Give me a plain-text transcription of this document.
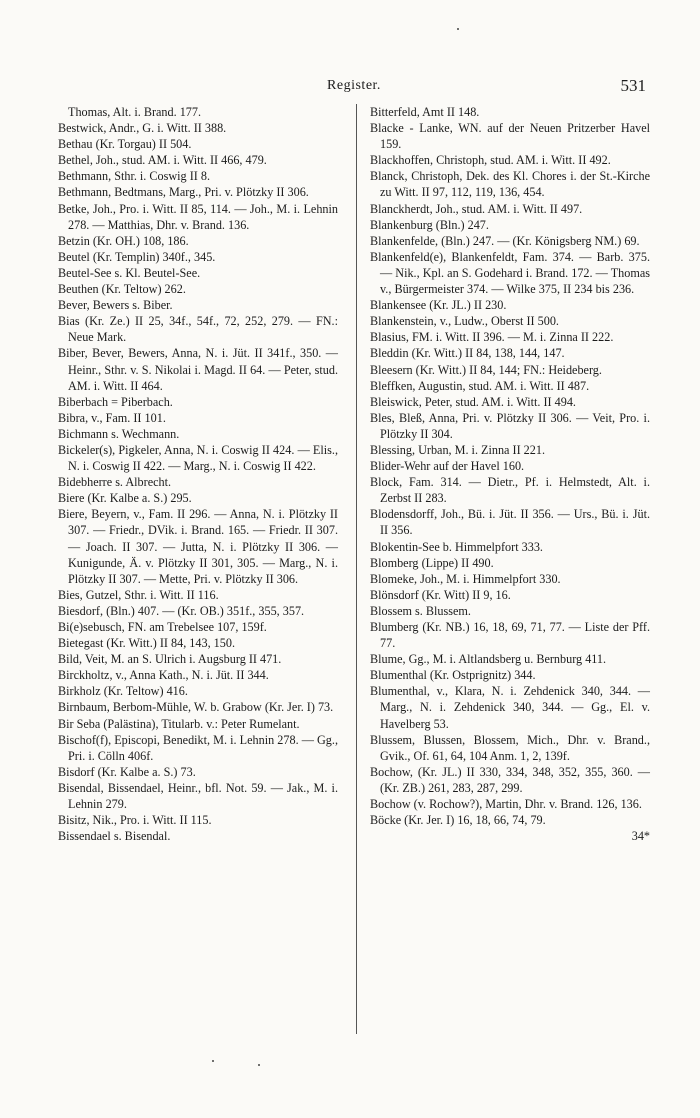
Register.	531

Thomas, Alt. i. Brand. 177.

Bestwick, Andr., G. i. Witt. II 388.

Bethau (Kr. Torgau) II 504.

Bethel, Joh., stud. AM. i. Witt. II 466, 479.

Bethmann, Sthr. i. Coswig II 8.

Bethmann, Bedtmans, Marg., Pri. v. Plötzky II 306.

Betke, Joh., Pro. i. Witt. II 85, 114. — Joh., M. i. Lehnin 278. — Matthias, Dhr. v. Brand. 136.

Betzin (Kr. OH.) 108, 186.

Beutel (Kr. Templin) 340f., 345.

Beutel-See s. Kl. Beutel-See.

Beuthen (Kr. Teltow) 262.

Bever, Bewers s. Biber.

Bias (Kr. Ze.) II 25, 34f., 54f., 72, 252, 279. — FN.: Neue Mark.

Biber, Bever, Bewers, Anna, N. i. Jüt. II 341f., 350. — Heinr., Sthr. v. S. Nikolai i. Magd. II 64. — Peter, stud. AM. i. Witt. II 464.

Biberbach = Piberbach.

Bibra, v., Fam. II 101.

Bichmann s. Wechmann.

Bickeler(s), Pigkeler, Anna, N. i. Coswig II 424. — Elis., N. i. Coswig II 422. — Marg., N. i. Coswig II 422.

Bidebherre s. Albrecht.

Biere (Kr. Kalbe a. S.) 295.

Biere, Beyern, v., Fam. II 296. — Anna, N. i. Plötzky II 307. — Friedr., DVik. i. Brand. 165. — Friedr. II 307. — Joach. II 307. — Jutta, N. i. Plötzky II 306. — Kunigunde, Ä. v. Plötzky II 301, 305. — Marg., N. i. Plötzky II 307. — Mette, Pri. v. Plötzky II 306.

Bies, Gutzel, Sthr. i. Witt. II 116.

Biesdorf, (Bln.) 407. — (Kr. OB.) 351f., 355, 357.

Bi(e)sebusch, FN. am Trebelsee 107, 159f.

Bietegast (Kr. Witt.) II 84, 143, 150.

Bild, Veit, M. an S. Ulrich i. Augsburg II 471.

Birckholtz, v., Anna Kath., N. i. Jüt. II 344.

Birkholz (Kr. Teltow) 416.

Birnbaum, Berbom-Mühle, W. b. Grabow (Kr. Jer. I) 73.

Bir Seba (Palästina), Titularb. v.: Peter Rumelant.

Bischof(f), Episcopi, Benedikt, M. i. Lehnin 278. — Gg., Pri. i. Cölln 406f.

Bisdorf (Kr. Kalbe a. S.) 73.

Bisendal, Bissendael, Heinr., bfl. Not. 59. — Jak., M. i. Lehnin 279.

Bisitz, Nik., Pro. i. Witt. II 115.

Bissendael s. Bisendal.

Bitterfeld, Amt II 148.

Blacke - Lanke, WN. auf der Neuen Pritzerber Havel 159.

Blackhoffen, Christoph, stud. AM. i. Witt. II 492.

Blanck, Christoph, Dek. des Kl. Chores i. der St.-Kirche zu Witt. II 97, 112, 119, 136, 454.

Blanckherdt, Joh., stud. AM. i. Witt. II 497.

Blankenburg (Bln.) 247.

Blankenfelde, (Bln.) 247. — (Kr. Königsberg NM.) 69.

Blankenfeld(e), Blankenfeldt, Fam. 374. — Barb. 375. — Nik., Kpl. an S. Godehard i. Brand. 172. — Thomas v., Bürgermeister 374. — Wilke 375, II 234 bis 236.

Blankensee (Kr. JL.) II 230.

Blankenstein, v., Ludw., Oberst II 500.

Blasius, FM. i. Witt. II 396. — M. i. Zinna II 222.

Bleddin (Kr. Witt.) II 84, 138, 144, 147.

Bleesern (Kr. Witt.) II 84, 144; FN.: Heideberg.

Bleffken, Augustin, stud. AM. i. Witt. II 487.

Bleiswick, Peter, stud. AM. i. Witt. II 494.

Bles, Bleß, Anna, Pri. v. Plötzky II 306. — Veit, Pro. i. Plötzky II 304.

Blessing, Urban, M. i. Zinna II 221.

Blider-Wehr auf der Havel 160.

Block, Fam. 314. — Dietr., Pf. i. Helmstedt, Alt. i. Zerbst II 283.

Blodensdorff, Joh., Bü. i. Jüt. II 356. — Urs., Bü. i. Jüt. II 356.

Blokentin-See b. Himmelpfort 333.

Blomberg (Lippe) II 490.

Blomeke, Joh., M. i. Himmelpfort 330.

Blönsdorf (Kr. Witt) II 9, 16.

Blossem s. Blussem.

Blumberg (Kr. NB.) 16, 18, 69, 71, 77. — Liste der Pff. 77.

Blume, Gg., M. i. Altlandsberg u. Bernburg 411.

Blumenthal (Kr. Ostprignitz) 344.

Blumenthal, v., Klara, N. i. Zehdenick 340, 344. — Marg., N. i. Zehdenick 340, 344. — Gg., El. v. Havelberg 53.

Blussem, Blussen, Blossem, Mich., Dhr. v. Brand., Gvik., Of. 61, 64, 104 Anm. 1, 2, 139f.

Bochow, (Kr. JL.) II 330, 334, 348, 352, 355, 360. — (Kr. ZB.) 261, 283, 287, 299.

Bochow (v. Rochow?), Martin, Dhr. v. Brand. 126, 136.

Böcke (Kr. Jer. I) 16, 18, 66, 74, 79.

34*
